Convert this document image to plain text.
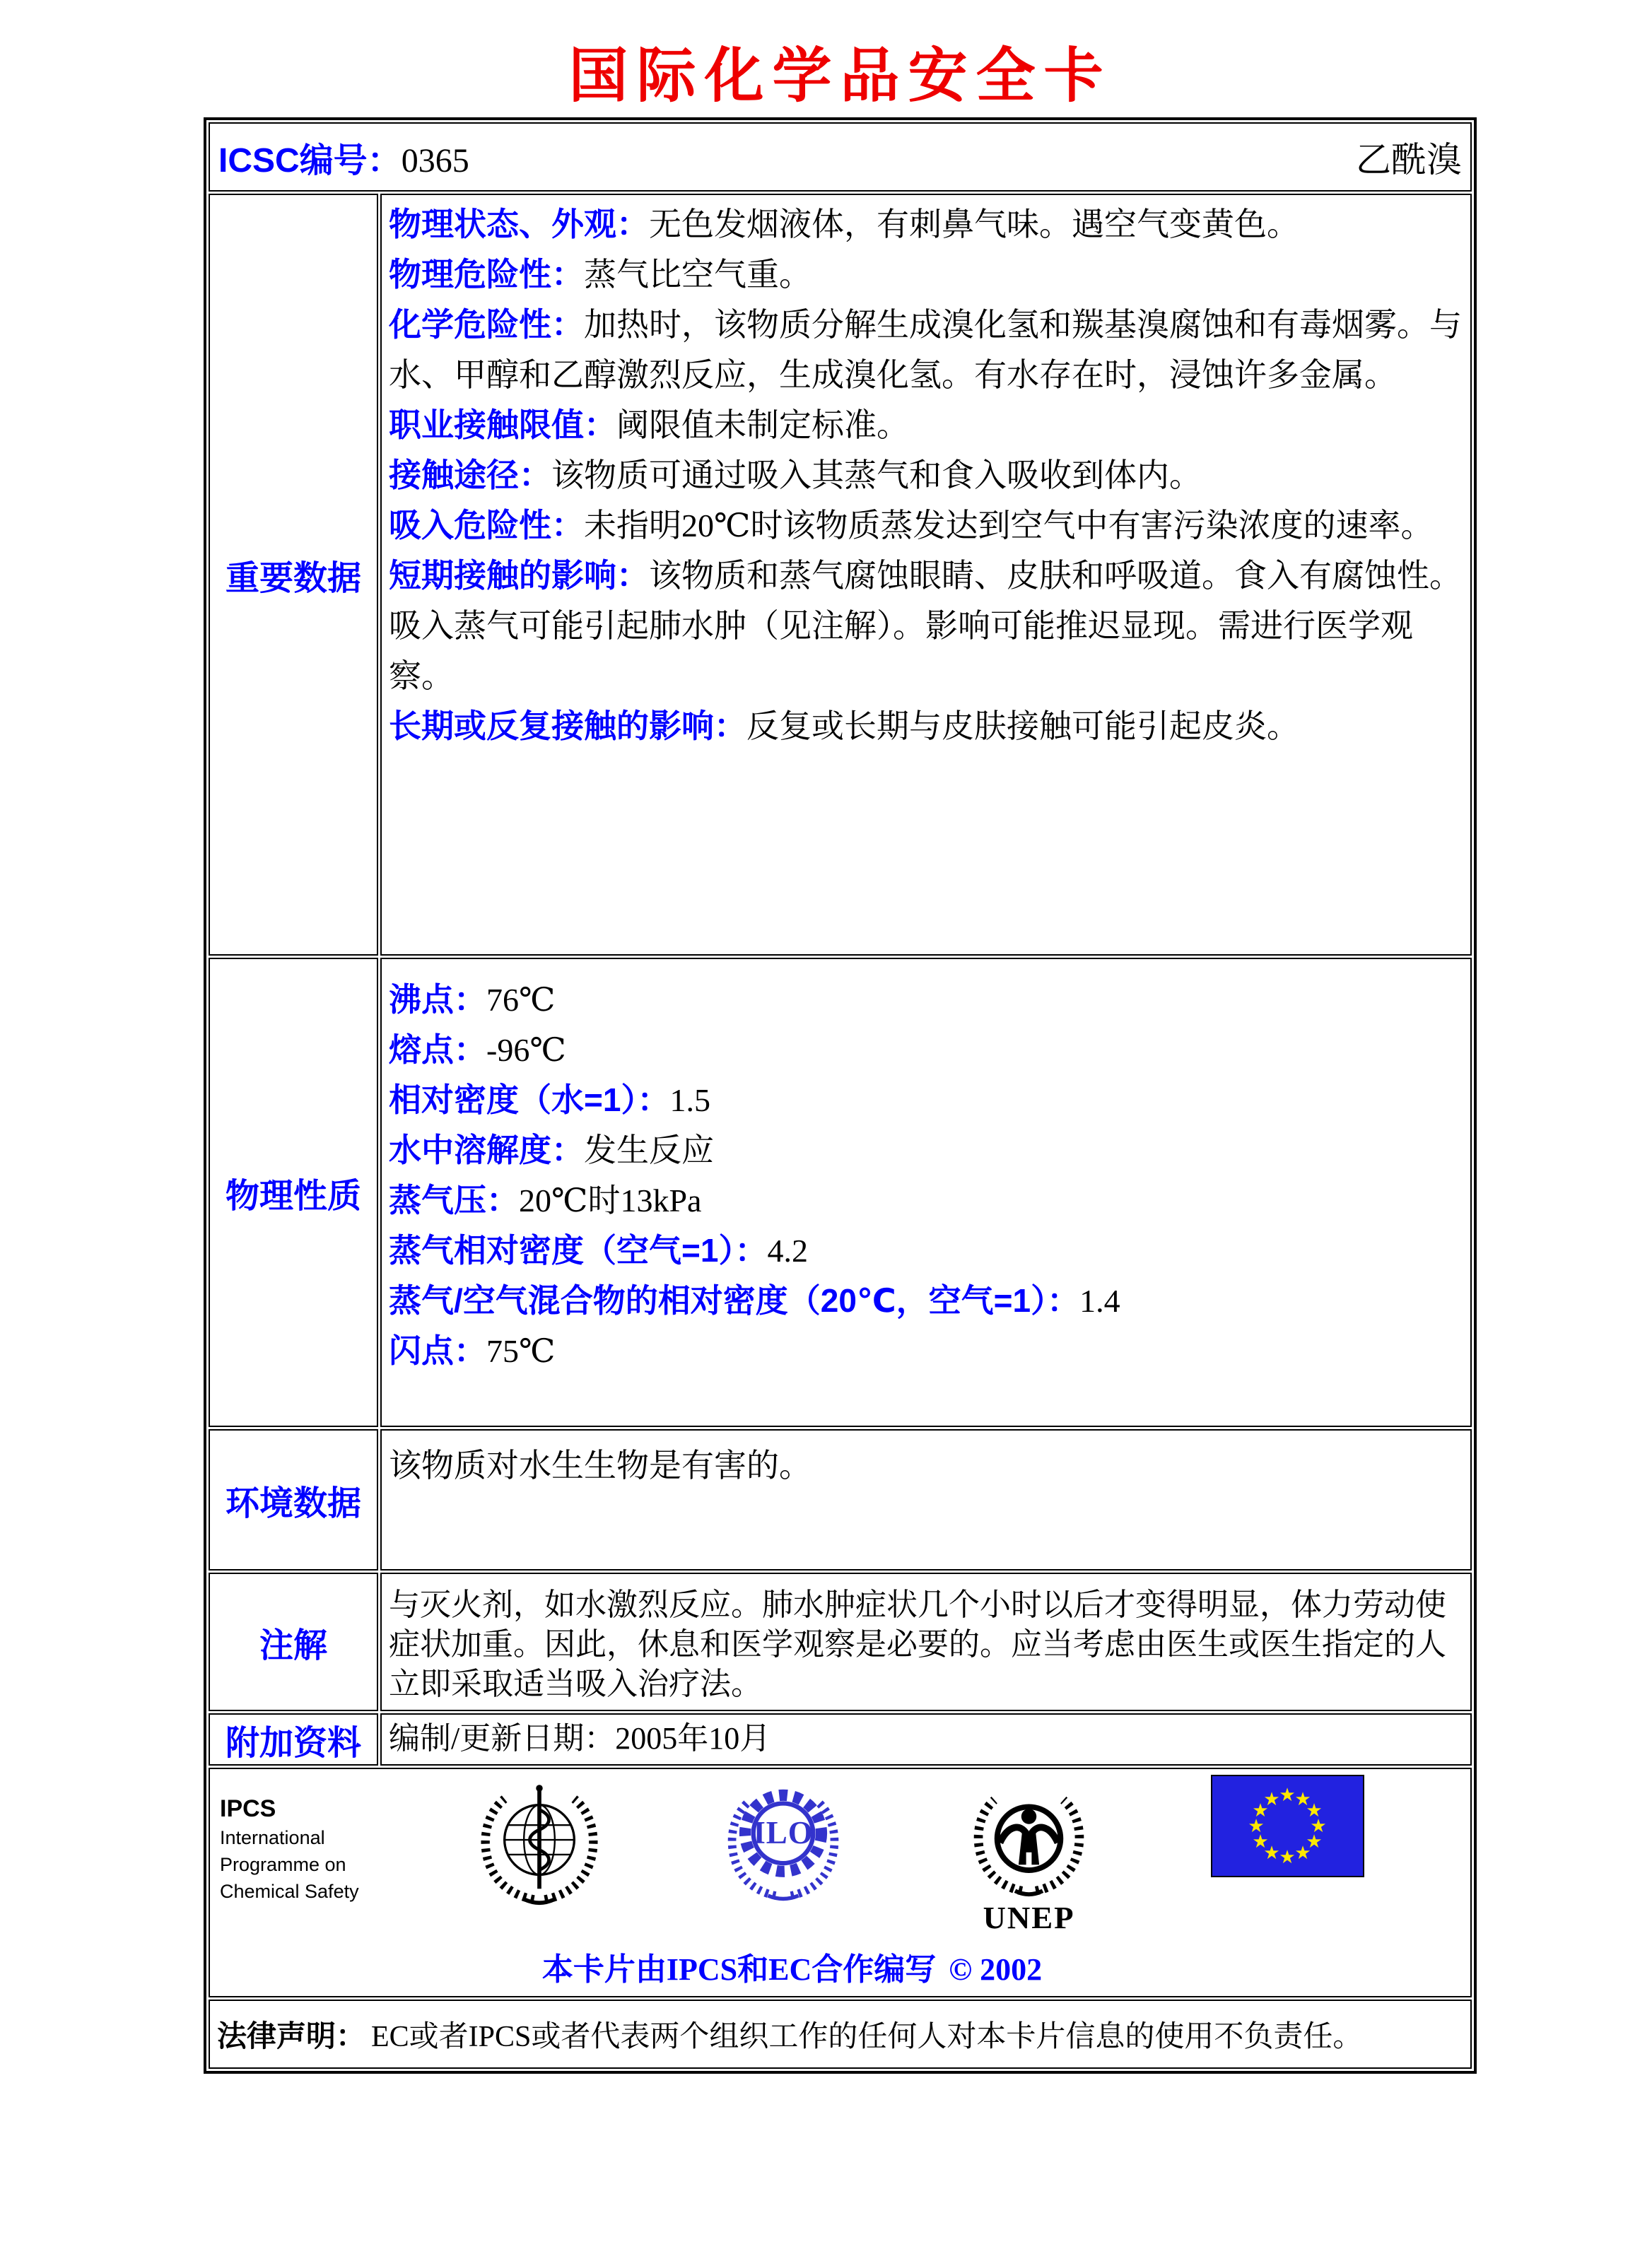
国际化学品安全卡
ICSC编号：0365	乙酰溴
重要数据
物理状态、外观：无色发烟液体，有刺鼻气味。遇空气变黄色。
物理危险性：蒸气比空气重。
化学危险性：加热时，该物质分解生成溴化氢和羰基溴腐蚀和有毒烟雾。与水、甲醇和乙醇激烈反应，生成溴化氢。有水存在时，浸蚀许多金属。
职业接触限值：阈限值未制定标准。
接触途径：该物质可通过吸入其蒸气和食入吸收到体内。
吸入危险性：未指明20℃时该物质蒸发达到空气中有害污染浓度的速率。
短期接触的影响：该物质和蒸气腐蚀眼睛、皮肤和呼吸道。食入有腐蚀性。吸入蒸气可能引起肺水肿（见注解）。影响可能推迟显现。需进行医学观察。
长期或反复接触的影响：反复或长期与皮肤接触可能引起皮炎。
物理性质
沸点：76℃
熔点：-96℃
相对密度（水=1）：1.5
水中溶解度：发生反应
蒸气压：20℃时13kPa
蒸气相对密度（空气=1）：4.2
蒸气/空气混合物的相对密度（20℃，空气=1）：1.4
闪点：75℃
环境数据
该物质对水生生物是有害的。
注解
与灭火剂，如水激烈反应。肺水肿症状几个小时以后才变得明显，体力劳动使症状加重。因此，休息和医学观察是必要的。应当考虑由医生或医生指定的人立即采取适当吸入治疗法。
附加资料 编制/更新日期：2005年10月
IPCS
International
Programme on
Chemical Safety
ILO
UNEP
★
★
★
★
★
★
★
★
★
★
★
★
本卡片由IPCS和EC合作编写 © 2002
法律声明： EC或者IPCS或者代表两个组织工作的任何人对本卡片信息的使用不负责任。
